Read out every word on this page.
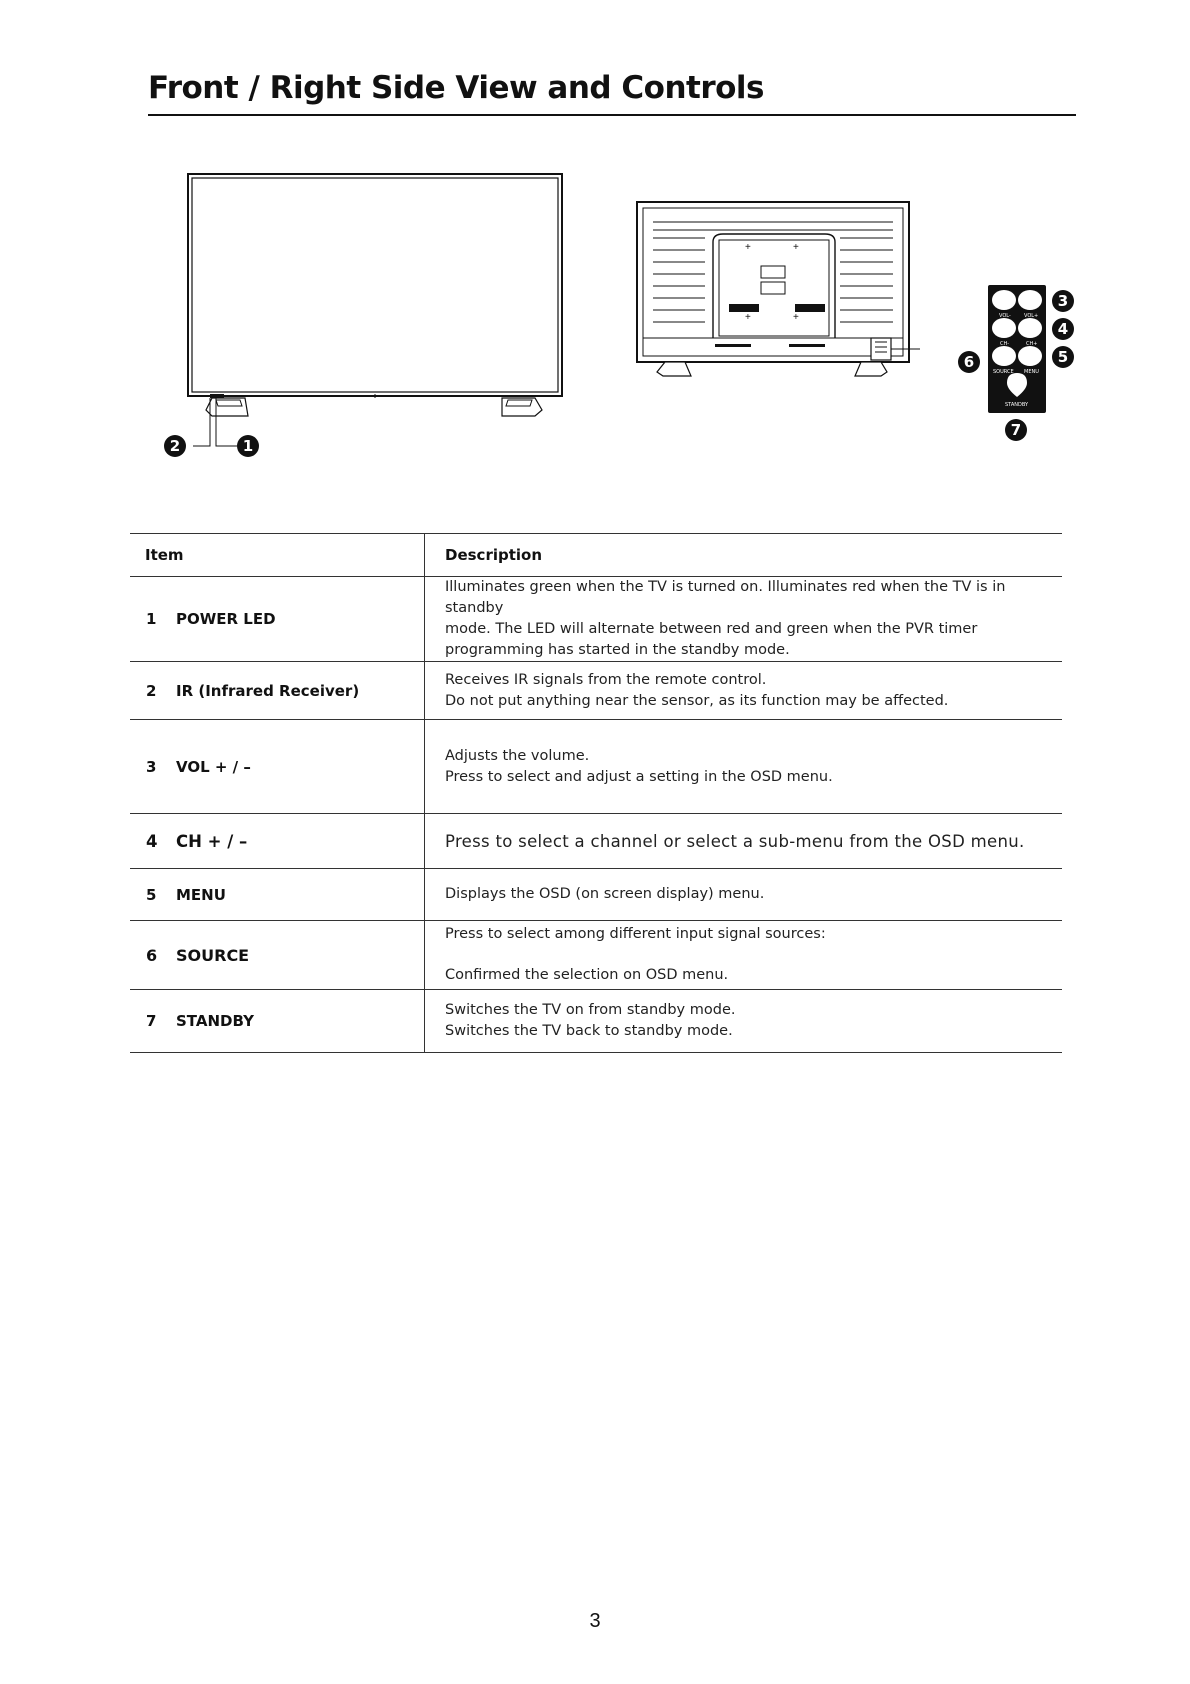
Front / Right Side View and Controls
2	1
+	+
+	+
6
VOL-	VOL+
CH-	CH+
SOURCE MENU
STANDBY
3
4
5
7
Item	Description
1 POWER LED	Illuminates green when the TV is turned on. Illuminates red when the TV is in standby
mode. The LED will alternate between red and green when the PVR timer
programming has started in the standby mode.

2 IR (Infrared Receiver)	Receives IR signals from the remote control.
Do not put anything near the sensor, as its function may be affected.

3 VOL + / –	Adjusts the volume.
Press to select and adjust a setting in the OSD menu.

4 CH + / –	Press to select a channel or select a sub-menu from the OSD menu.

5 MENU	Displays the OSD (on screen display) menu.

6 SOURCE	Press to select among different input signal sources:
Confirmed the selection on OSD menu.

7 STANDBY	Switches the TV on from standby mode.
Switches the TV back to standby mode.
3
